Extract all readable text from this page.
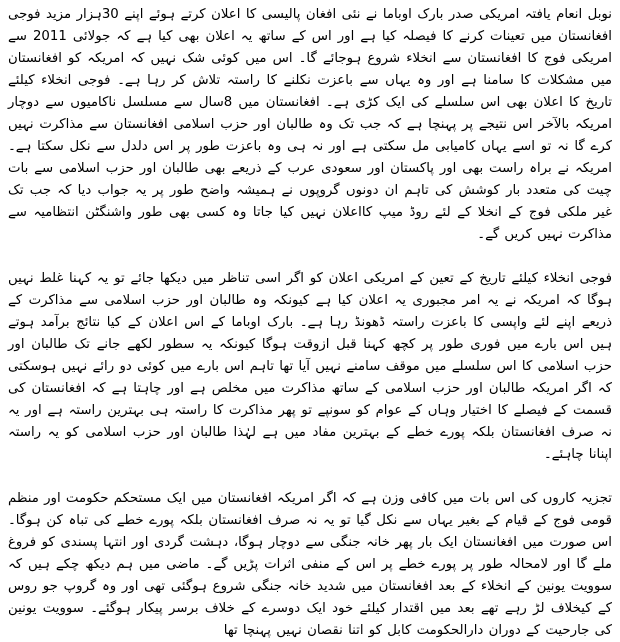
نوبل انعام یافتہ امریکی صدر بارک اوباما نے نئی افغان پالیسی کا اعلان کرتے ہوئے اپنے 30ہزار مزید فوجی افغانستان میں تعینات کرنے کا فیصلہ کیا ہے اور اس کے ساتھ یہ اعلان بھی کیا ہے کہ جولائی 2011 سے امریکی فوج کا افغانستان سے انخلاء شروع ہوجائے گا۔ اس میں کوئی شک نہیں کہ امریکہ کو افغانستان میں مشکلات کا سامنا ہے اور وہ یہاں سے باعزت نکلنے کا راستہ تلاش کر رہا ہے۔ فوجی انخلاء کیلئے تاریخ کا اعلان بھی اس سلسلے کی ایک کڑی ہے۔ افغانستان میں 8سال سے مسلسل ناکامیوں سے دوچار امریکہ بالآخر اس نتیجے پر پہنچا ہے کہ جب تک وہ طالبان اور حزب اسلامی افغانستان سے مذاکرت نہیں کرے گا نہ تو اسے یہاں کامیابی مل سکتی ہے اور نہ ہی وہ باعزت طور پر اس دلدل سے نکل سکتا ہے۔ امریکہ نے براہ راست بھی اور پاکستان اور سعودی عرب کے ذریعے بھی طالبان اور حزب اسلامی سے بات چیت کی متعدد بار کوشش کی تاہم ان دونوں گروپوں نے ہمیشہ واضح طور پر یہ جواب دیا کہ جب تک غیر ملکی فوج کے انخلا کے لئے روڈ میپ کااعلان نہیں کیا جاتا وہ کسی بھی طور واشنگٹن انتظامیہ سے مذاکرت نہیں کریں گے۔

فوجی انخلاء کیلئے تاریخ کے تعین کے امریکی اعلان کو اگر اسی تناظر میں دیکھا جائے تو یہ کہنا غلط نہیں ہوگا کہ امریکہ نے یہ امر مجبوری یہ اعلان کیا ہے کیونکہ وہ طالبان اور حزب اسلامی سے مذاکرت کے ذریعے اپنے لئے واپسی کا باعزت راستہ ڈھونڈ رہا ہے۔ بارک اوباما کے اس اعلان کے کیا نتائج برآمد ہوتے ہیں اس بارے میں فوری طور پر کچھ کہنا قبل ازوقت ہوگا کیونکہ یہ سطور لکھے جانے تک طالبان اور حزب اسلامی کا اس سلسلے میں موقف سامنے نہیں آیا تھا تاہم اس بارے میں کوئی دو رائے نہیں ہوسکتی کہ اگر امریکہ طالبان اور حزب اسلامی کے ساتھ مذاکرت میں مخلص ہے اور چاہتا ہے کہ افغانستان کی قسمت کے فیصلے کا اختیار وہاں کے عوام کو سونپے تو پھر مذاکرت کا راستہ ہی بہترین راستہ ہے اور یہ نہ صرف افغانستان بلکہ پورے خطے کے بہترین مفاد میں ہے لہٰذا طالبان اور حزب اسلامی کو یہ راستہ اپنانا چاہئے۔

تجزیہ کاروں کی اس بات میں کافی وزن ہے کہ اگر امریکہ افغانستان میں ایک مستحکم حکومت اور منظم قومی فوج کے قیام کے بغیر یہاں سے نکل گیا تو یہ نہ صرف افغانستان بلکہ پورے خطے کی تباہ کن ہوگا۔ اس صورت میں افغانستان ایک بار پھر خانہ جنگی سے دوچار ہوگا، دہشت گردی اور انتہا پسندی کو فروغ ملے گا اور لامحالہ طور پر پورے خطے پر اس کے منفی اثرات پڑیں گے۔ ماضی میں ہم دیکھ چکے ہیں کہ سوویت یونین کے انخلاء کے بعد افغانستان میں شدید خانہ جنگی شروع ہوگئی تھی اور وہ گروپ جو روس کے کیخلاف لڑ رہے تھے بعد میں اقتدار کیلئے خود ایک دوسرے کے خلاف برسر پیکار ہوگئے۔ سوویت یونین کی جارحیت کے دوران دارالحکومت کابل کو اتنا نقصان نہیں پہنچا تھا
